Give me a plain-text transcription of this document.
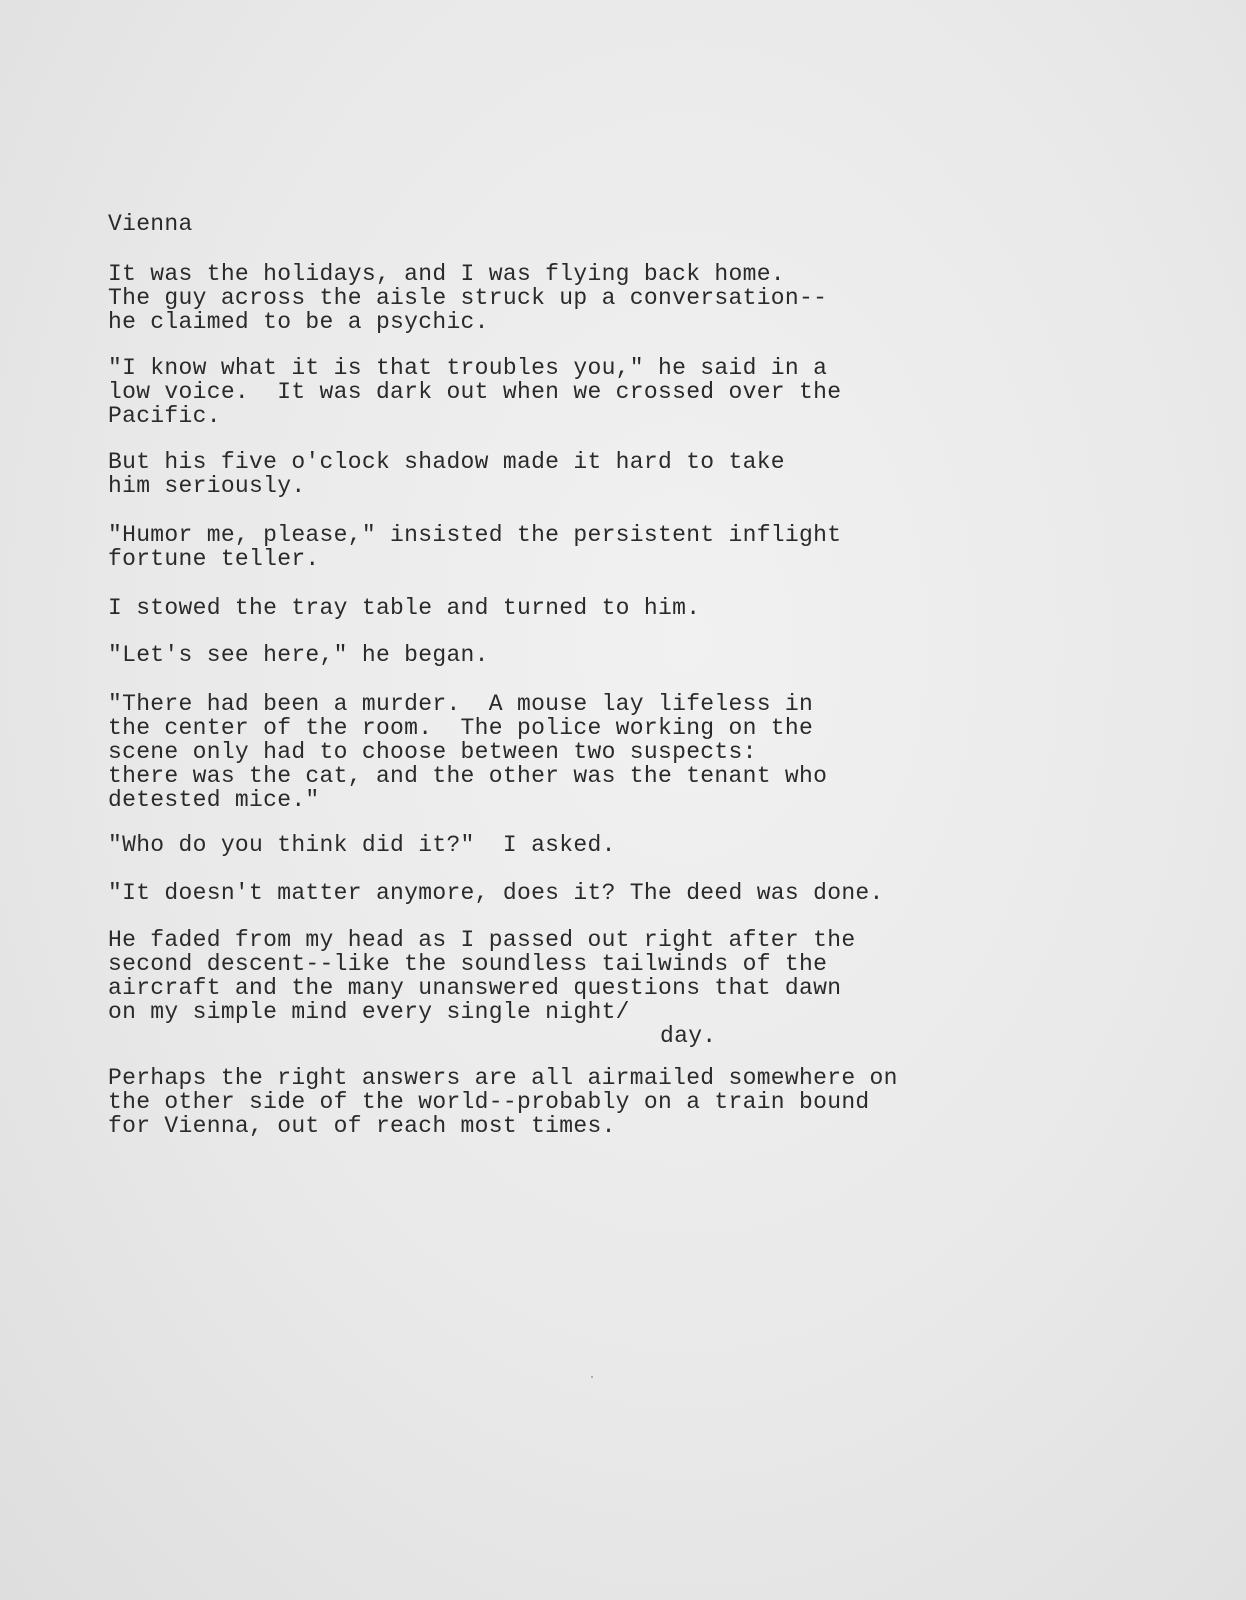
Vienna

It was the holidays, and I was flying back home.
The guy across the aisle struck up a conversation--
he claimed to be a psychic.

"I know what it is that troubles you," he said in a
low voice.  It was dark out when we crossed over the
Pacific.

But his five o'clock shadow made it hard to take
him seriously.

"Humor me, please," insisted the persistent inflight
fortune teller.

I stowed the tray table and turned to him.

"Let's see here," he began.

"There had been a murder.  A mouse lay lifeless in
the center of the room.  The police working on the
scene only had to choose between two suspects:
there was the cat, and the other was the tenant who
detested mice."

"Who do you think did it?"  I asked.

"It doesn't matter anymore, does it? The deed was done.

He faded from my head as I passed out right after the
second descent--like the soundless tailwinds of the
aircraft and the many unanswered questions that dawn
on my simple mind every single night/

day.

Perhaps the right answers are all airmailed somewhere on
the other side of the world--probably on a train bound
for Vienna, out of reach most times.
